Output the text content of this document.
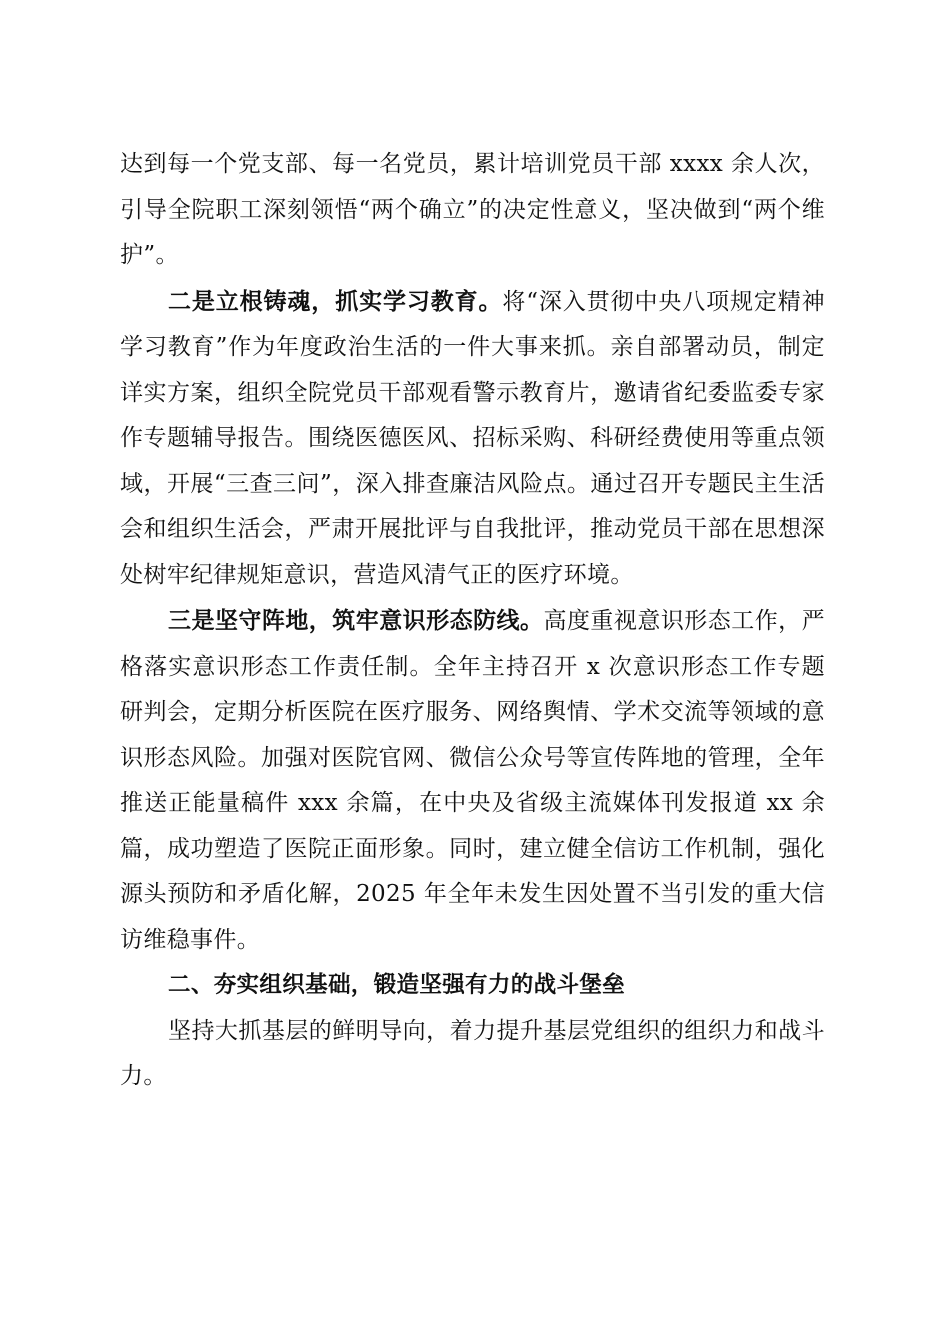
达到每一个党支部、每一名党员，累计培训党员干部 xxxx 余人次，引导全院职工深刻领悟“两个确立”的决定性意义，坚决做到“两个维护”。

二是立根铸魂，抓实学习教育。将“深入贯彻中央八项规定精神学习教育”作为年度政治生活的一件大事来抓。亲自部署动员，制定详实方案，组织全院党员干部观看警示教育片，邀请省纪委监委专家作专题辅导报告。围绕医德医风、招标采购、科研经费使用等重点领域，开展“三查三问”，深入排查廉洁风险点。通过召开专题民主生活会和组织生活会，严肃开展批评与自我批评，推动党员干部在思想深处树牢纪律规矩意识，营造风清气正的医疗环境。

三是坚守阵地，筑牢意识形态防线。高度重视意识形态工作，严格落实意识形态工作责任制。全年主持召开 x 次意识形态工作专题研判会，定期分析医院在医疗服务、网络舆情、学术交流等领域的意识形态风险。加强对医院官网、微信公众号等宣传阵地的管理，全年推送正能量稿件 xxx 余篇，在中央及省级主流媒体刊发报道 xx 余篇，成功塑造了医院正面形象。同时，建立健全信访工作机制，强化源头预防和矛盾化解，2025 年全年未发生因处置不当引发的重大信访维稳事件。

二、夯实组织基础，锻造坚强有力的战斗堡垒

坚持大抓基层的鲜明导向，着力提升基层党组织的组织力和战斗力。
